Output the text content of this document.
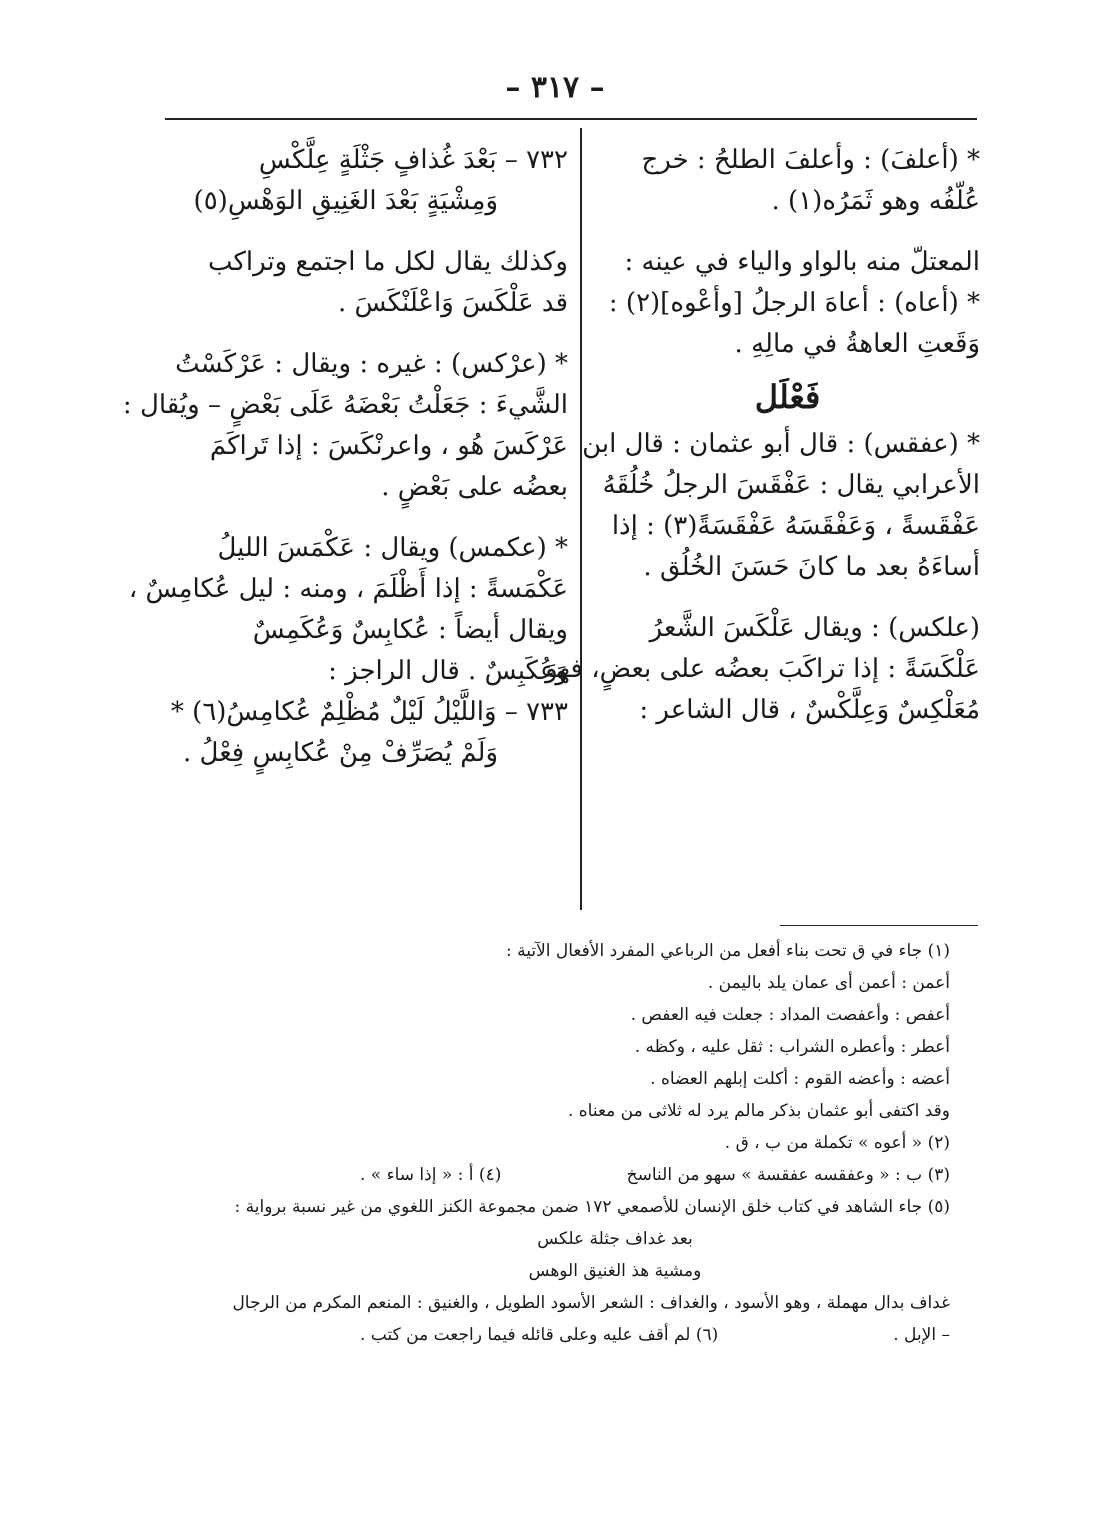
– ٣١٧ –
* (أعلفَ) : وأعلفَ الطلحُ : خرج
عُلّفُه وهو ثَمَرُه(١) .
المعتلّ منه بالواو والياء في عينه :
* (أعاه) : أعاهَ الرجلُ [وأعْوه](٢) :
وَقَعتِ العاهةُ في مالِهِ .
فَعْلَل
* (عفقس) : قال أبو عثمان : قال ابن
الأعرابي يقال : عَفْقَسَ الرجلُ خُلُقَهُ
عَفْقَسةً ، وَعَفْقَسَهُ عَفْقَسَةً(٣) : إذا
أساءَهُ بعد ما كانَ حَسَنَ الخُلُق .
(علكس) : ويقال عَلْكَسَ الشَّعرُ
عَلْكَسَةً : إذا تراكَبَ بعضُه على بعضٍ، فهوَ
مُعَلْكِسٌ وَعِلَّكْسٌ ، قال الشاعر :
٧٣٢ – بَعْدَ غُذافٍ جَثْلَةٍ عِلَّكْسِ
وَمِشْيَةٍ بَعْدَ الغَنِيقِ الوَهْسِ(٥)
وكذلك يقال لكل ما اجتمع وتراكب
قد عَلْكَسَ وَاعْلَنْكَسَ .
* (عرْكس) : غيره : ويقال : عَرْكَسْتُ
الشَّيءَ : جَعَلْتُ بَعْضَهُ عَلَى بَعْضٍ – ويُقال :
عَرْكَسَ هُو ، واعرنْكَسَ : إذا تَراكَمَ
بعضُه على بَعْضٍ .
* (عكمس) ويقال : عَكْمَسَ الليلُ
عَكْمَسةً : إذا أَظْلَمَ ، ومنه : ليل عُكامِسٌ ،
ويقال أيضاً : عُكابِسٌ وَعُكَمِسٌ
وَعُكَبِسٌ . قال الراجز :
٧٣٣ – وَاللَّيْلُ لَيْلٌ مُظْلِمٌ عُكامِسُ(٦) *
وَلَمْ يُصَرِّفْ مِنْ عُكابِسٍ فِعْلُ .
(١) جاء في ق تحت بناء أفعل من الرباعي المفرد الأفعال الآتية :
أعمن : أعمن أى عمان يلد باليمن .
أعفص : وأعفصت المداد : جعلت فيه العفص .
أعطر : وأعطره الشراب : ثقل عليه ، وكظه .
أعضه : وأعضه القوم : أكلت إبلهم العضاه .
وقد اكتفى أبو عثمان بذكر مالم يرد له ثلاثى من معناه .
(٢) « أعوه » تكملة من ب ، ق .
(٣) ب : « وعفقسه عفقسة » سهو من الناسخ
(٤) أ : « إذا ساء » .
(٥) جاء الشاهد في كتاب خلق الإنسان للأصمعي ١٧٢ ضمن مجموعة الكنز اللغوي من غير نسبة برواية :
بعد غداف جثلة علكس
ومشية هذ الغنيق الوهس
غداف بدال مهملة ، وهو الأسود ، والغداف : الشعر الأسود الطويل ، والغنيق : المنعم المكرم من الرجال
– الإبل .
(٦) لم أقف عليه وعلى قائله فيما راجعت من كتب .
